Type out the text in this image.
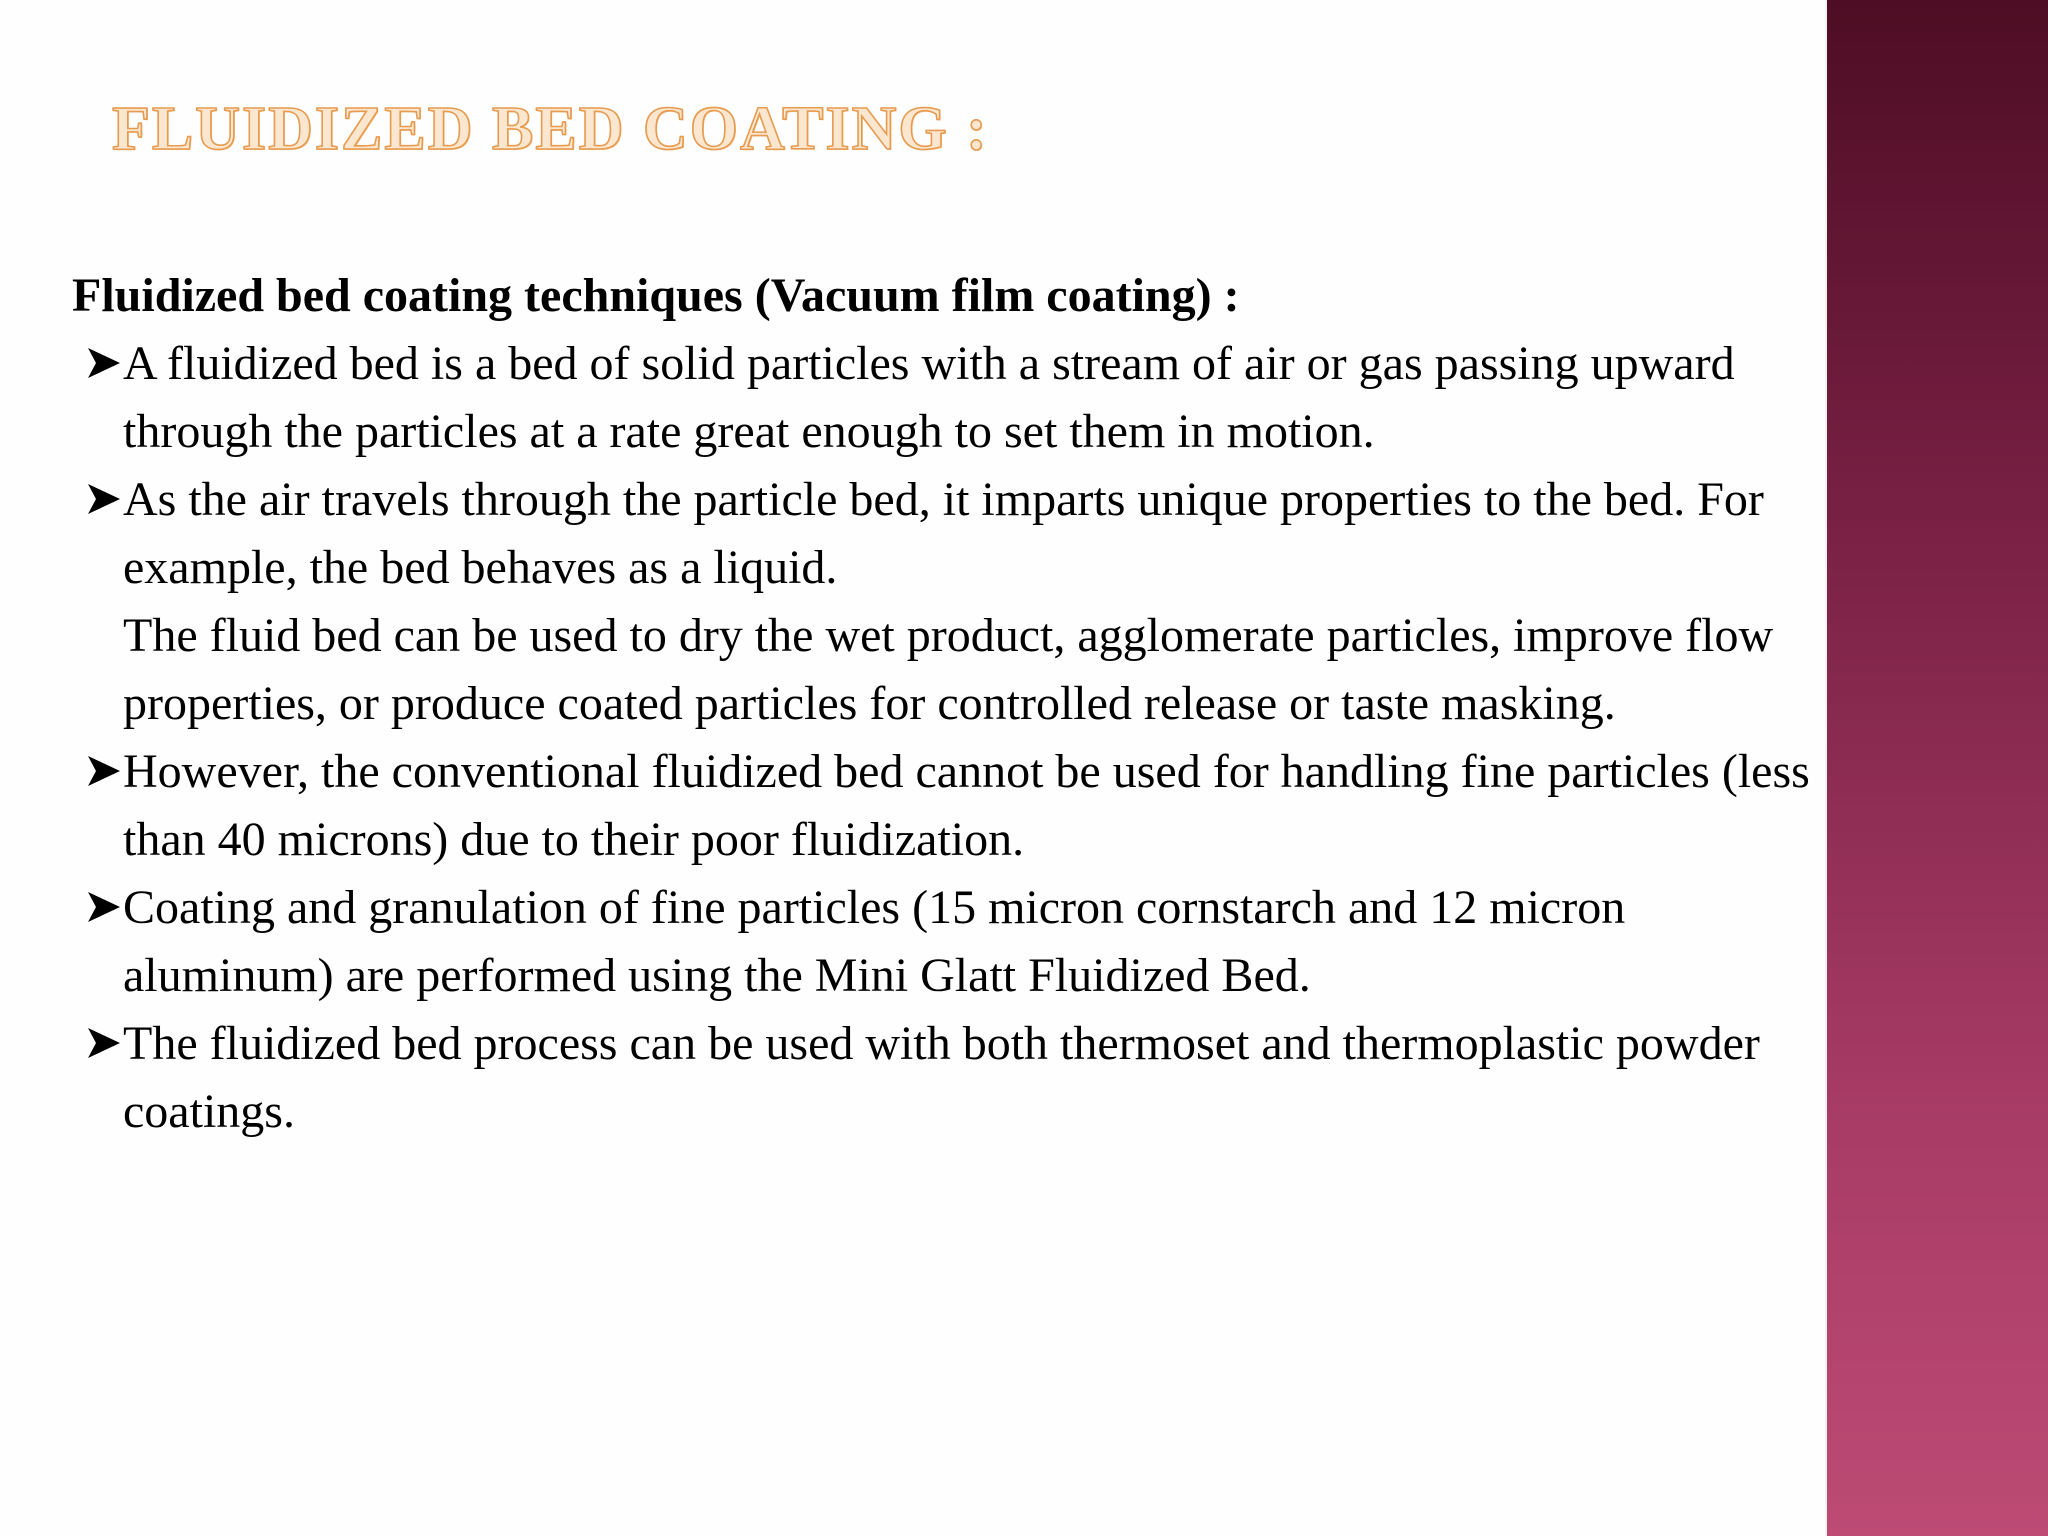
FLUIDIZED BED COATING :

Fluidized bed coating techniques (Vacuum film coating) :

A fluidized bed is a bed of solid particles with a stream of air or gas passing upward through the particles at a rate great enough to set them in motion.
As the air travels through the particle bed, it imparts unique properties to the bed. For example, the bed behaves as a liquid.
The fluid bed can be used to dry the wet product, agglomerate particles, improve flow properties, or produce coated particles for controlled release or taste masking.
However, the conventional fluidized bed cannot be used for handling fine particles (less than 40 microns) due to their poor fluidization.
Coating and granulation of fine particles (15 micron cornstarch and 12 micron aluminum) are performed using the Mini Glatt Fluidized Bed.
The fluidized bed process can be used with both thermoset and thermoplastic powder coatings.
